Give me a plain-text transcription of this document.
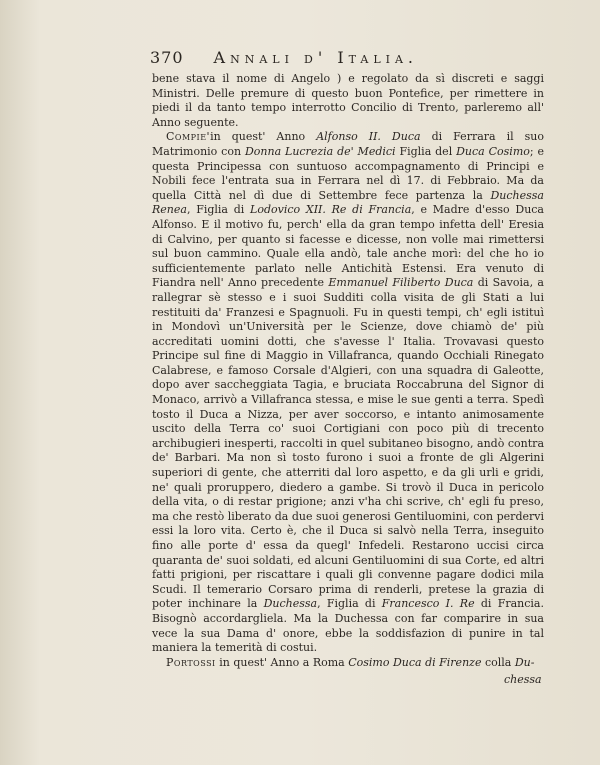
370 Annali d' Italia.

bene stava il nome di Angelo ) e regolato da sì discreti e saggi Ministri. Delle premure di questo buon Pontefice, per rimettere in piedi il da tanto tempo interrotto Concilio di Trento, parleremo all' Anno seguente.

Compie'in quest' Anno Alfonso II. Duca di Ferrara il suo Matrimonio con Donna Lucrezia de' Medici Figlia del Duca Cosimo; e questa Principessa con suntuoso accompagnamento di Principi e Nobili fece l'entrata sua in Ferrara nel dì 17. di Febbraio. Ma da quella Città nel dì due di Settembre fece partenza la Duchessa Renea, Figlia di Lodovico XII. Re di Francia, e Madre d'esso Duca Alfonso. E il motivo fu, perch' ella da gran tempo infetta dell' Eresia di Calvino, per quanto si facesse e dicesse, non volle mai rimettersi sul buon cammino. Quale ella andò, tale anche morì: del che ho io sufficientemente parlato nelle Antichità Estensi. Era venuto di Fiandra nell' Anno precedente Emmanuel Filiberto Duca di Savoia, a rallegrar sè stesso e i suoi Sudditi colla visita de gli Stati a lui restituiti da' Franzesi e Spagnuoli. Fu in questi tempi, ch' egli istituì in Mondovì un'Università per le Scienze, dove chiamò de' più accreditati uomini dotti, che s'avesse l' Italia. Trovavasi questo Principe sul fine di Maggio in Villafranca, quando Occhiali Rinegato Calabrese, e famoso Corsale d'Algieri, con una squadra di Galeotte, dopo aver saccheggiata Tagia, e bruciata Roccabruna del Signor di Monaco, arrivò a Villafranca stessa, e mise le sue genti a terra. Spedì tosto il Duca a Nizza, per aver soccorso, e intanto animosamente uscito della Terra co' suoi Cortigiani con poco più di trecento archibugieri inesperti, raccolti in quel subitaneo bisogno, andò contra de' Barbari. Ma non sì tosto furono i suoi a fronte de gli Algerini superiori di gente, che atterriti dal loro aspetto, e da gli urli e gridi, ne' quali proruppero, diedero a gambe. Si trovò il Duca in pericolo della vita, o di restar prigione; anzi v'ha chi scrive, ch' egli fu preso, ma che restò liberato da due suoi generosi Gentiluomini, con perdervi essi la loro vita. Certo è, che il Duca si salvò nella Terra, inseguito fino alle porte d' essa da quegl' Infedeli. Restarono uccisi circa quaranta de' suoi soldati, ed alcuni Gentiluomini di sua Corte, ed altri fatti prigioni, per riscattare i quali gli convenne pagare dodici mila Scudi. Il temerario Corsaro prima di renderli, pretese la grazia di poter inchinare la Duchessa, Figlia di Francesco I. Re di Francia. Bisognò accordargliela. Ma la Duchessa con far comparire in sua vece la sua Dama d' onore, ebbe la soddisfazion di punire in tal maniera la temerità di costui.

Portossi in quest' Anno a Roma Cosimo Duca di Firenze colla Du-

chessa
